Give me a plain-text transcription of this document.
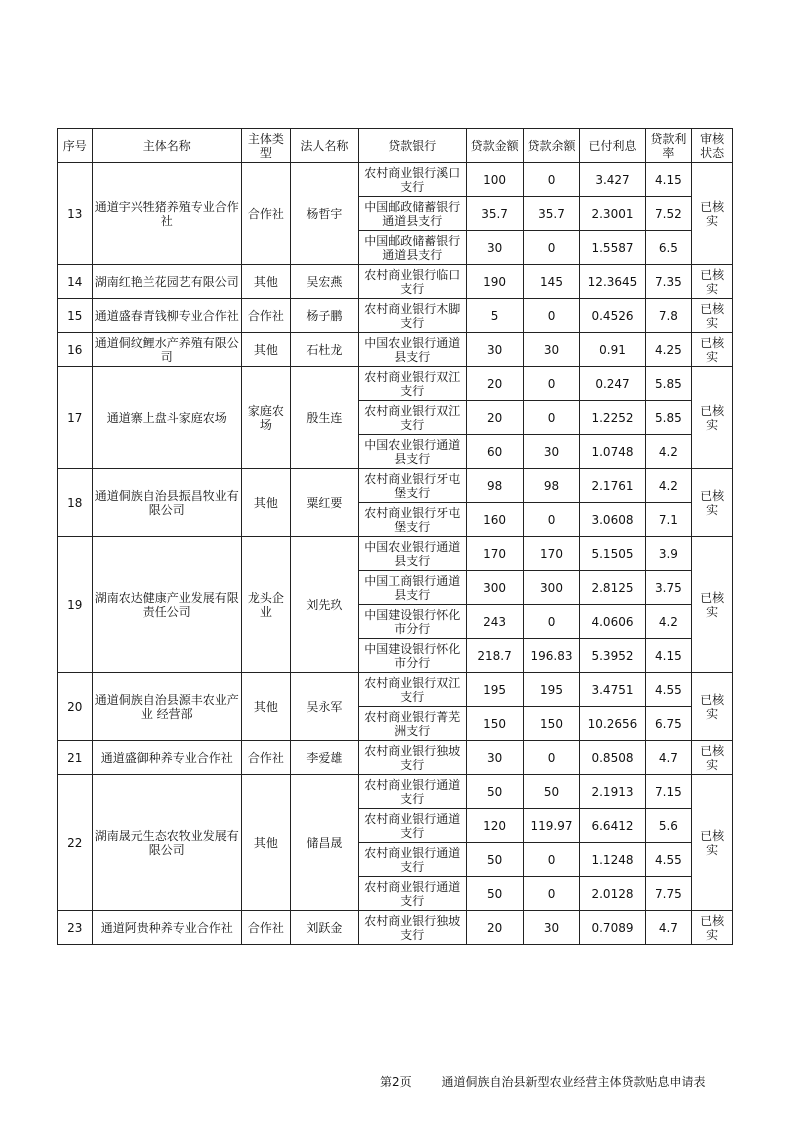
序号	主体名称	主体类型	法人名称	贷款银行	贷款金额	贷款余额	已付利息	贷款利率	审核状态
13	通道宇兴牲猪养殖专业合作社	合作社	杨哲宇	农村商业银行溪口支行	100	0	3.427	4.15	已核实
				中国邮政储蓄银行通道县支行	35.7	35.7	2.3001	7.52	
				中国邮政储蓄银行通道县支行	30	0	1.5587	6.5	
14	湖南红艳兰花园艺有限公司	其他	吴宏燕	农村商业银行临口支行	190	145	12.3645	7.35	已核实
15	通道盛春青钱柳专业合作社	合作社	杨子鹏	农村商业银行木脚支行	5	0	0.4526	7.8	已核实
16	通道侗纹鲤水产养殖有限公司	其他	石杜龙	中国农业银行通道县支行	30	30	0.91	4.25	已核实
17	通道寨上盘斗家庭农场	家庭农场	殷生连	农村商业银行双江支行	20	0	0.247	5.85	已核实
				农村商业银行双江支行	20	0	1.2252	5.85	
				中国农业银行通道县支行	60	30	1.0748	4.2	
18	通道侗族自治县振昌牧业有限公司	其他	粟红要	农村商业银行牙屯堡支行	98	98	2.1761	4.2	已核实
				农村商业银行牙屯堡支行	160	0	3.0608	7.1	
19	湖南农达健康产业发展有限责任公司	龙头企业	刘先玖	中国农业银行通道县支行	170	170	5.1505	3.9	已核实
				中国工商银行通道县支行	300	300	2.8125	3.75	
				中国建设银行怀化市分行	243	0	4.0606	4.2	
				中国建设银行怀化市分行	218.7	196.83	5.3952	4.15	
20	通道侗族自治县源丰农业产业 经营部	其他	吴永军	农村商业银行双江支行	195	195	3.4751	4.55	已核实
				农村商业银行菁芜洲支行	150	150	10.2656	6.75	
21	通道盛御种养专业合作社	合作社	李爱雄	农村商业银行独坡支行	30	0	0.8508	4.7	已核实
22	湖南晟元生态农牧业发展有限公司	其他	储昌晟	农村商业银行通道支行	50	50	2.1913	7.15	已核实
				农村商业银行通道支行	120	119.97	6.6412	5.6	
				农村商业银行通道支行	50	0	1.1248	4.55	
				农村商业银行通道支行	50	0	2.0128	7.75	
23	通道阿贵种养专业合作社	合作社	刘跃金	农村商业银行独坡支行	20	30	0.7089	4.7	已核实
第2页 通道侗族自治县新型农业经营主体贷款贴息申请表
